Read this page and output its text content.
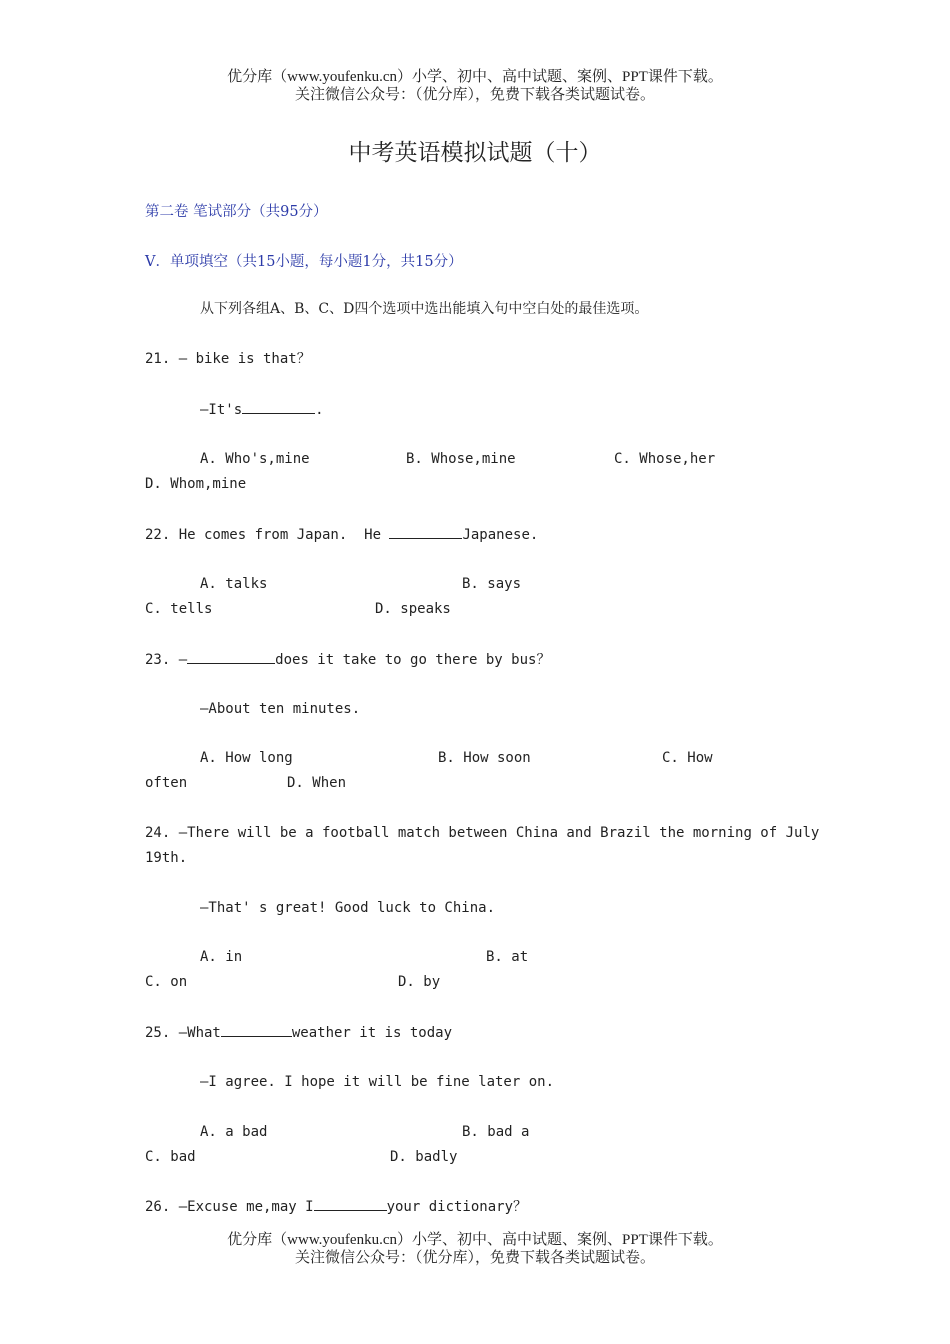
优分库（www.youfenku.cn）小学、初中、高中试题、案例、PPT课件下载。
关注微信公众号：（优分库），免费下载各类试题试卷。
中考英语模拟试题（十）
第二卷 笔试部分（共95分）
Ⅴ．单项填空（共15小题，每小题1分，共15分）
从下列各组A、B、C、D四个选项中选出能填入句中空白处的最佳选项。
21. — bike is that？
—It's	.
A. Who's,mine	B. Whose,mine	C. Whose,her
D. Whom,mine
22. He comes from Japan.  He	Japanese.
A. talks	B. says
C. tells	D. speaks
23. —	does it take to go there by bus？
—About ten minutes.
A. How long	B. How soon	C. How
often	D. When
24. —There will be a football match between China and Brazil the morning of July
19th.
—That' s great! Good luck to China.
A. in	B. at
C. on	D. by
25. —What	weather it is today
—I agree. I hope it will be fine later on.
A. a bad	B. bad a
C. bad	D. badly
26. —Excuse me,may I	your dictionary？
优分库（www.youfenku.cn）小学、初中、高中试题、案例、PPT课件下载。
关注微信公众号：（优分库），免费下载各类试题试卷。
